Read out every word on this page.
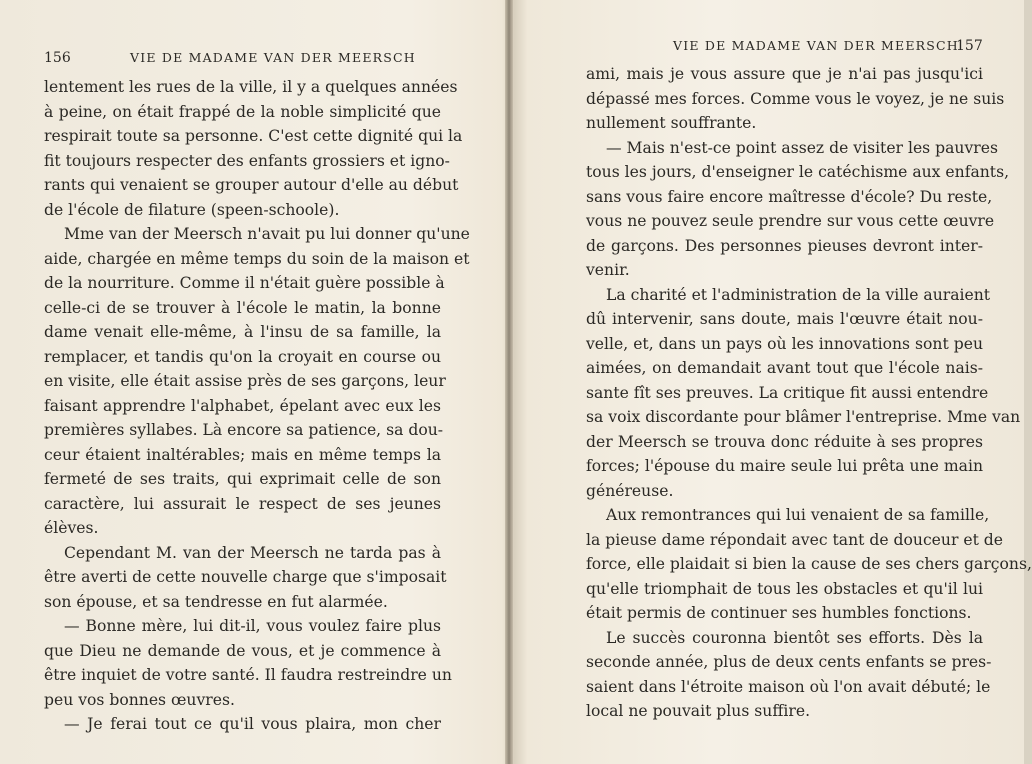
156	VIE DE MADAME VAN DER MEERSCH
lentement les rues de la ville, il y a quelques années
à peine, on était frappé de la noble simplicité que
respirait toute sa personne. C'est cette dignité qui la
fit toujours respecter des enfants grossiers et igno-
rants qui venaient se grouper autour d'elle au début
de l'école de filature (speen-schoole).
Mme van der Meersch n'avait pu lui donner qu'une
aide, chargée en même temps du soin de la maison et
de la nourriture. Comme il n'était guère possible à
celle-ci de se trouver à l'école le matin, la bonne
dame venait elle-même, à l'insu de sa famille, la
remplacer, et tandis qu'on la croyait en course ou
en visite, elle était assise près de ses garçons, leur
faisant apprendre l'alphabet, épelant avec eux les
premières syllabes. Là encore sa patience, sa dou-
ceur étaient inaltérables; mais en même temps la
fermeté de ses traits, qui exprimait celle de son
caractère, lui assurait le respect de ses jeunes
élèves.
Cependant M. van der Meersch ne tarda pas à
être averti de cette nouvelle charge que s'imposait
son épouse, et sa tendresse en fut alarmée.
— Bonne mère, lui dit-il, vous voulez faire plus
que Dieu ne demande de vous, et je commence à
être inquiet de votre santé. Il faudra restreindre un
peu vos bonnes œuvres.
— Je ferai tout ce qu'il vous plaira, mon cher
VIE DE MADAME VAN DER MEERSCH
157
ami, mais je vous assure que je n'ai pas jusqu'ici
dépassé mes forces. Comme vous le voyez, je ne suis
nullement souffrante.
— Mais n'est-ce point assez de visiter les pauvres
tous les jours, d'enseigner le catéchisme aux enfants,
sans vous faire encore maîtresse d'école? Du reste,
vous ne pouvez seule prendre sur vous cette œuvre
de garçons. Des personnes pieuses devront inter-
venir.
La charité et l'administration de la ville auraient
dû intervenir, sans doute, mais l'œuvre était nou-
velle, et, dans un pays où les innovations sont peu
aimées, on demandait avant tout que l'école nais-
sante fît ses preuves. La critique fit aussi entendre
sa voix discordante pour blâmer l'entreprise. Mme van
der Meersch se trouva donc réduite à ses propres
forces; l'épouse du maire seule lui prêta une main
généreuse.
Aux remontrances qui lui venaient de sa famille,
la pieuse dame répondait avec tant de douceur et de
force, elle plaidait si bien la cause de ses chers garçons,
qu'elle triomphait de tous les obstacles et qu'il lui
était permis de continuer ses humbles fonctions.
Le succès couronna bientôt ses efforts. Dès la
seconde année, plus de deux cents enfants se pres-
saient dans l'étroite maison où l'on avait débuté; le
local ne pouvait plus suffire.
